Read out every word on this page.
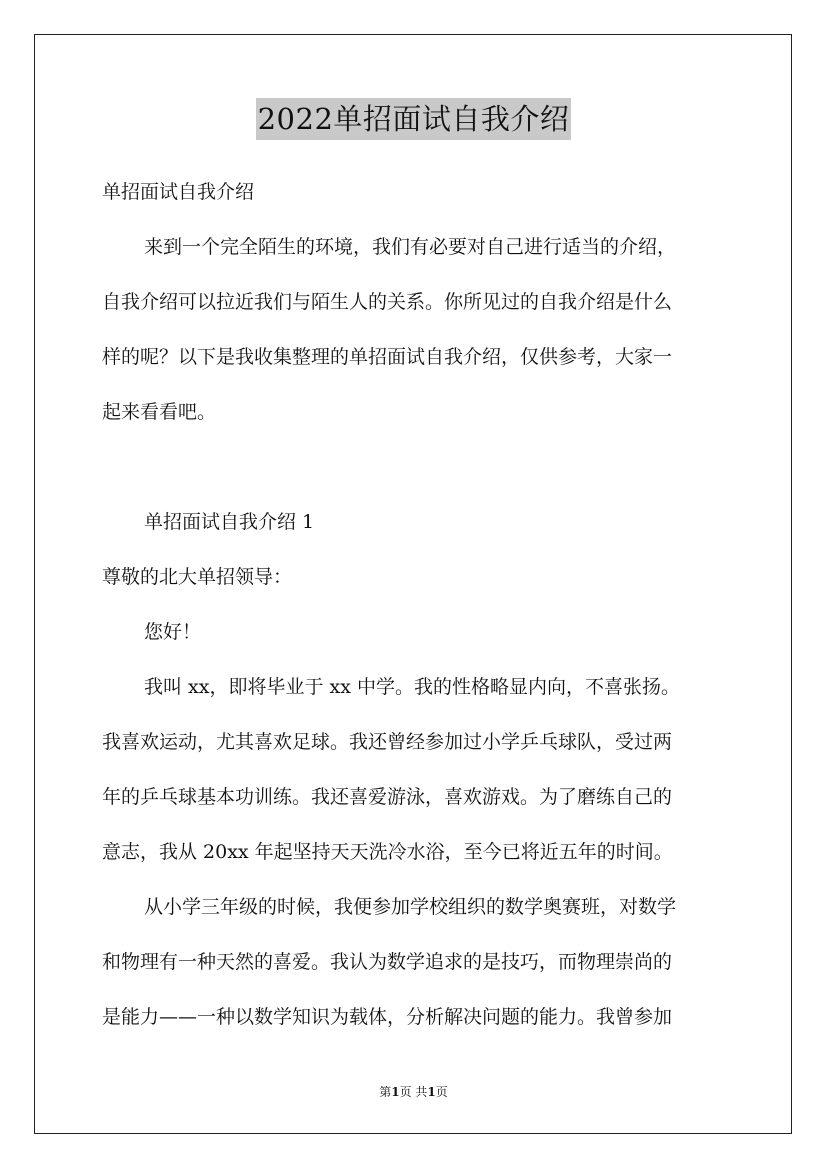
2022单招面试自我介绍
单招面试自我介绍
来到一个完全陌生的环境，我们有必要对自己进行适当的介绍，
自我介绍可以拉近我们与陌生人的关系。你所见过的自我介绍是什么
样的呢？以下是我收集整理的单招面试自我介绍，仅供参考，大家一
起来看看吧。
单招面试自我介绍 1
尊敬的北大单招领导：
您好！
我叫 xx，即将毕业于 xx 中学。我的性格略显内向，不喜张扬。
我喜欢运动，尤其喜欢足球。我还曾经参加过小学乒乓球队，受过两
年的乒乓球基本功训练。我还喜爱游泳，喜欢游戏。为了磨练自己的
意志，我从 20xx 年起坚持天天洗冷水浴，至今已将近五年的时间。
从小学三年级的时候，我便参加学校组织的数学奥赛班，对数学
和物理有一种天然的喜爱。我认为数学追求的是技巧，而物理崇尚的
是能力——一种以数学知识为载体，分析解决问题的能力。我曾参加
第1页 共1页
